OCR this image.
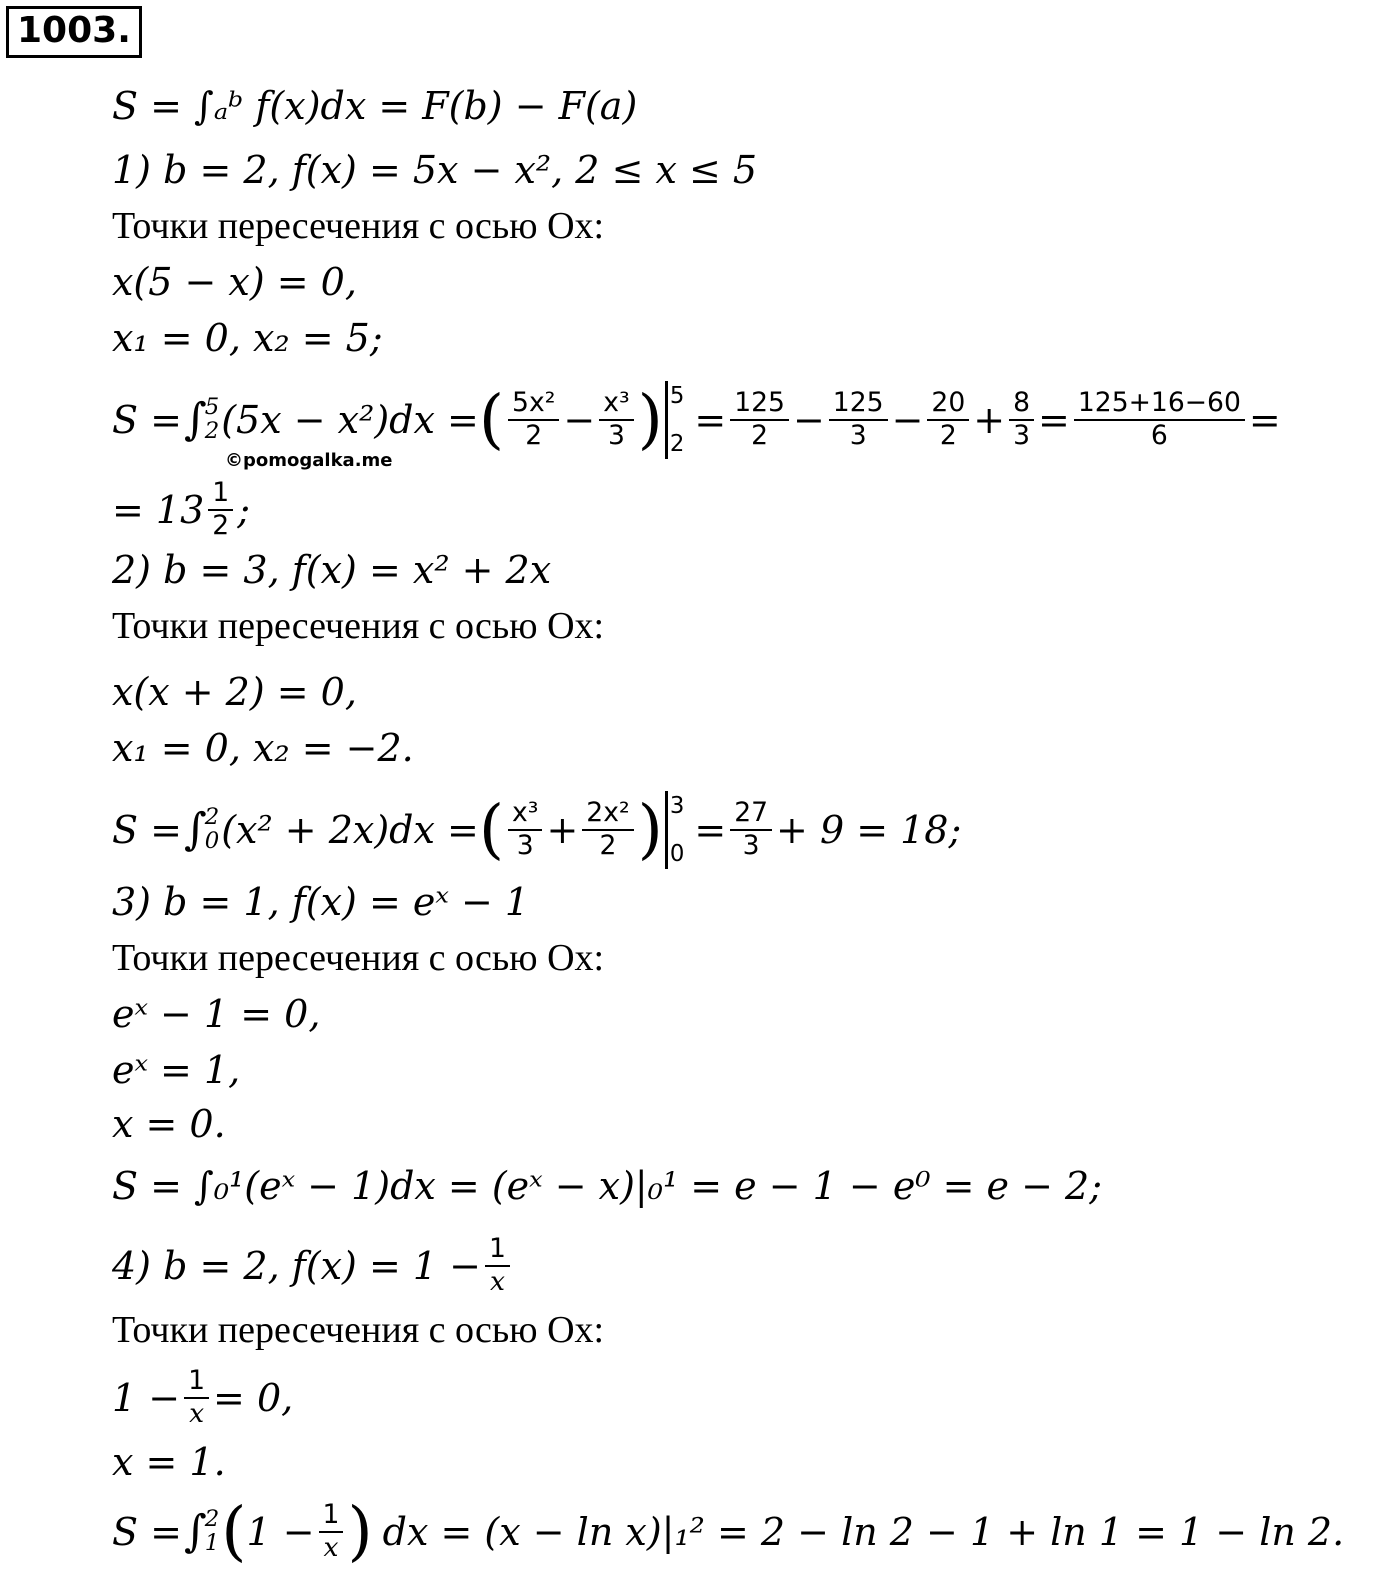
1003.
S = ∫ₐᵇ f(x)dx = F(b) − F(a)
1) b = 2, f(x) = 5x − x², 2 ≤ x ≤ 5
Точки пересечения с осью Ox:
x(5 − x) = 0,
x₁ = 0, x₂ = 5;
S = ∫
5
2 (5x − x²)dx = ( $\frac{\text{5x²}}{2} - \frac{\text{x³}}{3}$ ) 5
2
= $\frac{125}{2} - \frac{125}{3} - \frac{20}{2} + \frac{8}{3} = \frac{125+16-60}{6}$ =
©pomogalka.me
= $13 \frac{1}{2}$ ;
2) b = 3, f(x) = x² + 2x
Точки пересечения с осью Ox:
x(x + 2) = 0,
x₁ = 0, x₂ = −2.
S = ∫
2
0 (x² + 2x)dx = ( $\frac{\text{x³}}{3} + \frac{\text{2x²}}{2}$ ) 3
0
= $\frac{27}{3} + 9 = 18$;
3) b = 1, f(x) = eˣ − 1
Точки пересечения с осью Ox:
eˣ − 1 = 0,
eˣ = 1,
x = 0.
S = ∫₀¹(eˣ − 1)dx = (eˣ − x)|₀¹ = e − 1 − e⁰ = e − 2;
4) b = 2, $f(x) = 1 - \frac{1}{x}$
Точки пересечения с осью Ox:
$1 - \frac{1}{x} = 0$,
x = 1.
S = ∫
2
1 ( $1 - \frac{1}{x}$ ) dx = (x − ln x)|₁² = 2 − ln 2 − 1 + ln 1 = 1 − ln 2.
